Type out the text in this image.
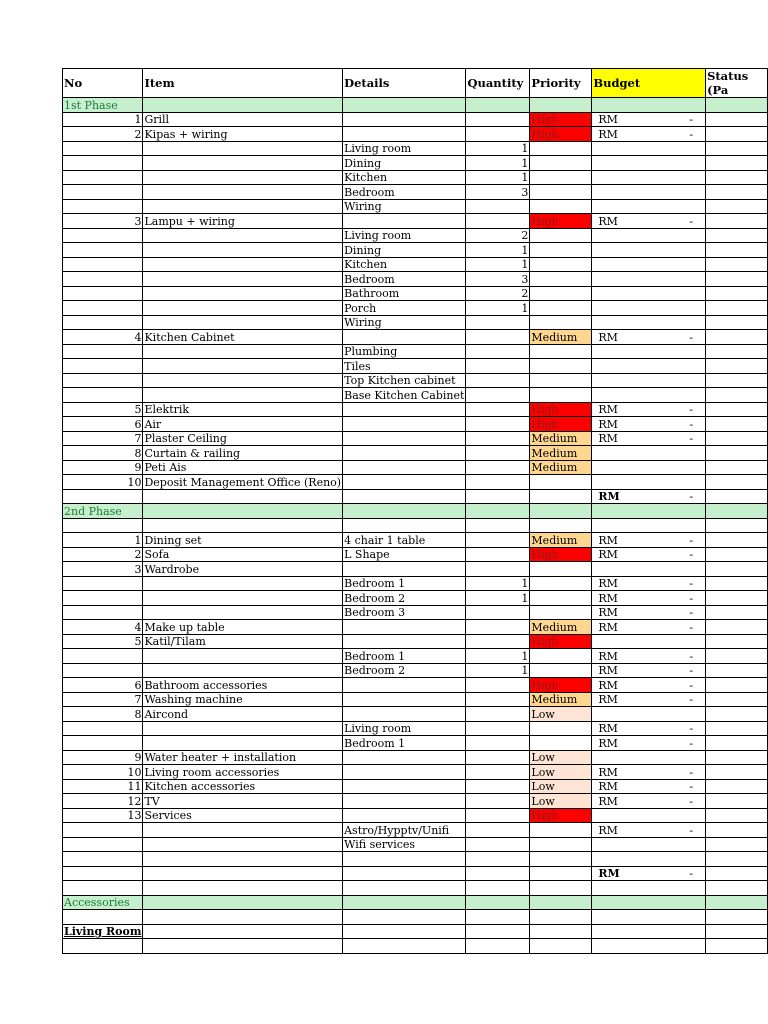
No	Item	Details	Quantity	Priority	Budget	Status (Pa
1st Phase						
1	Grill			High	RM -	

2	Kipas + wiring			High	RM -	

		Living room	1			
		Dining	1			
		Kitchen	1			
		Bedroom	3			
		Wiring				
3	Lampu + wiring			High	RM -	

		Living room	2			
		Dining	1			
		Kitchen	1			
		Bedroom	3			
		Bathroom	2			
		Porch	1			
		Wiring				
4	Kitchen Cabinet			Medium	RM -	

		Plumbing				
		Tiles				
		Top Kitchen cabinet				
		Base Kitchen Cabinet				
5	Elektrik			High	RM -	

6	Air			High	RM -	

7	Plaster Ceiling			Medium	RM -	

8	Curtain & railing			Medium		
9	Peti Ais			Medium		
10	Deposit Management Office (Reno)					

					RM -	

2nd Phase						

1	Dining set	4 chair 1 table		Medium	RM -	

2	Sofa	L Shape		High	RM -	

3	Wardrobe					
		Bedroom 1	1		RM -	

		Bedroom 2	1		RM -	

		Bedroom 3			RM -	

4	Make up table			Medium	RM -	

5	Katil/Tilam			High		
		Bedroom 1	1		RM -	

		Bedroom 2	1		RM -	

6	Bathroom accessories			High	RM -	

7	Washing machine			Medium	RM -	

8	Aircond			Low		
		Living room			RM -	

		Bedroom 1			RM -	

9	Water heater + installation			Low		
10	Living room accessories			Low	RM -	

11	Kitchen accessories			Low	RM -	

12	TV			Low	RM -	

13	Services			High		
		Astro/Hypptv/Unifi			RM -	

		Wifi services				

					RM -	

Accessories						

Living Room						
